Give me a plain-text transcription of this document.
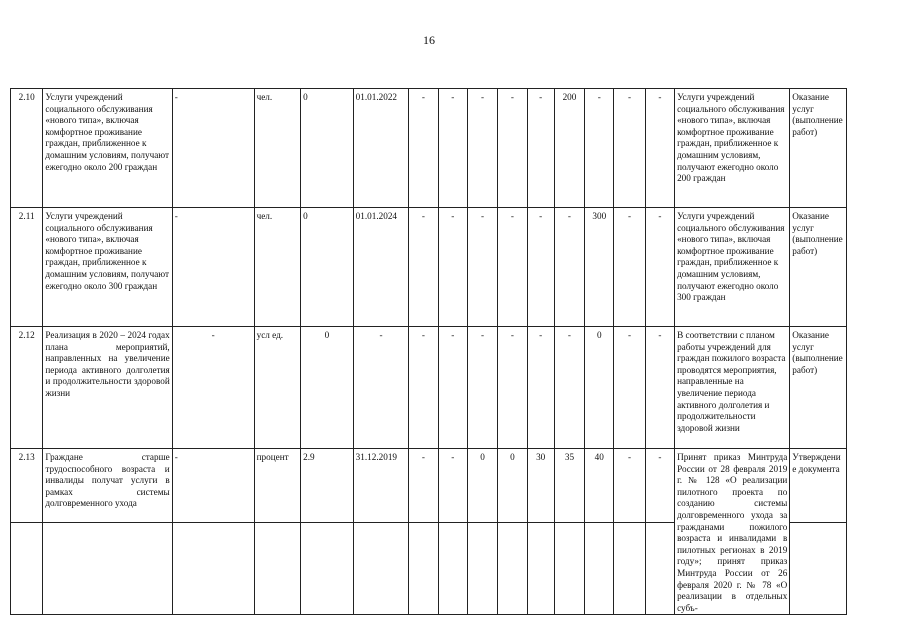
16
2.10	Услуги учреждений социального обслуживания «нового типа», включая комфортное проживание граждан, приближенное к домашним условиям, получают ежегодно около 200 граждан	-	чел.	0	01.01.2022	-	-	-	-	-	200	-	-	-	Услуги учреждений социального обслуживания «нового типа», включая комфортное проживание граждан, приближенное к домашним условиям, получают ежегодно около 200 граждан	Оказание услуг (выполнение работ)
2.11	Услуги учреждений социального обслуживания «нового типа», включая комфортное проживание граждан, приближенное к домашним условиям, получают ежегодно около 300 граждан	-	чел.	0	01.01.2024	-	-	-	-	-	-	300	-	-	Услуги учреждений социального обслуживания «нового типа», включая комфортное проживание граждан, приближенное к домашним условиям, получают ежегодно около 300 граждан	Оказание услуг (выполнение работ)
2.12	Реализация в 2020 – 2024 годах плана мероприятий, направленных на увеличение периода активного долголетия и продолжительности здоровой жизни	-	усл ед.	0	-	-	-	-	-	-	-	0	-	-	В соответствии с планом работы учреждений для граждан пожилого возраста проводятся мероприятия, направленные на увеличение периода активного долголетия и продолжительности здоровой жизни	Оказание услуг (выполнение работ)
2.13	Граждане старше трудоспособного возраста и инвалиды получат услуги в рамках системы долговременного ухода	-	процент	2.9	31.12.2019	-	-	0	0	30	35	40	-	-	Принят приказ Минтруда России от 28 февраля 2019 г. № 128 «О реализации пилотного проекта по созданию системы долговременного ухода за гражданами пожилого возраста и инвалидами в пилотных регионах в 2019 году»; принят приказ Минтруда России от 26 февраля 2020 г. № 78 «О реализации в отдельных субъ-	Утверждение документа
